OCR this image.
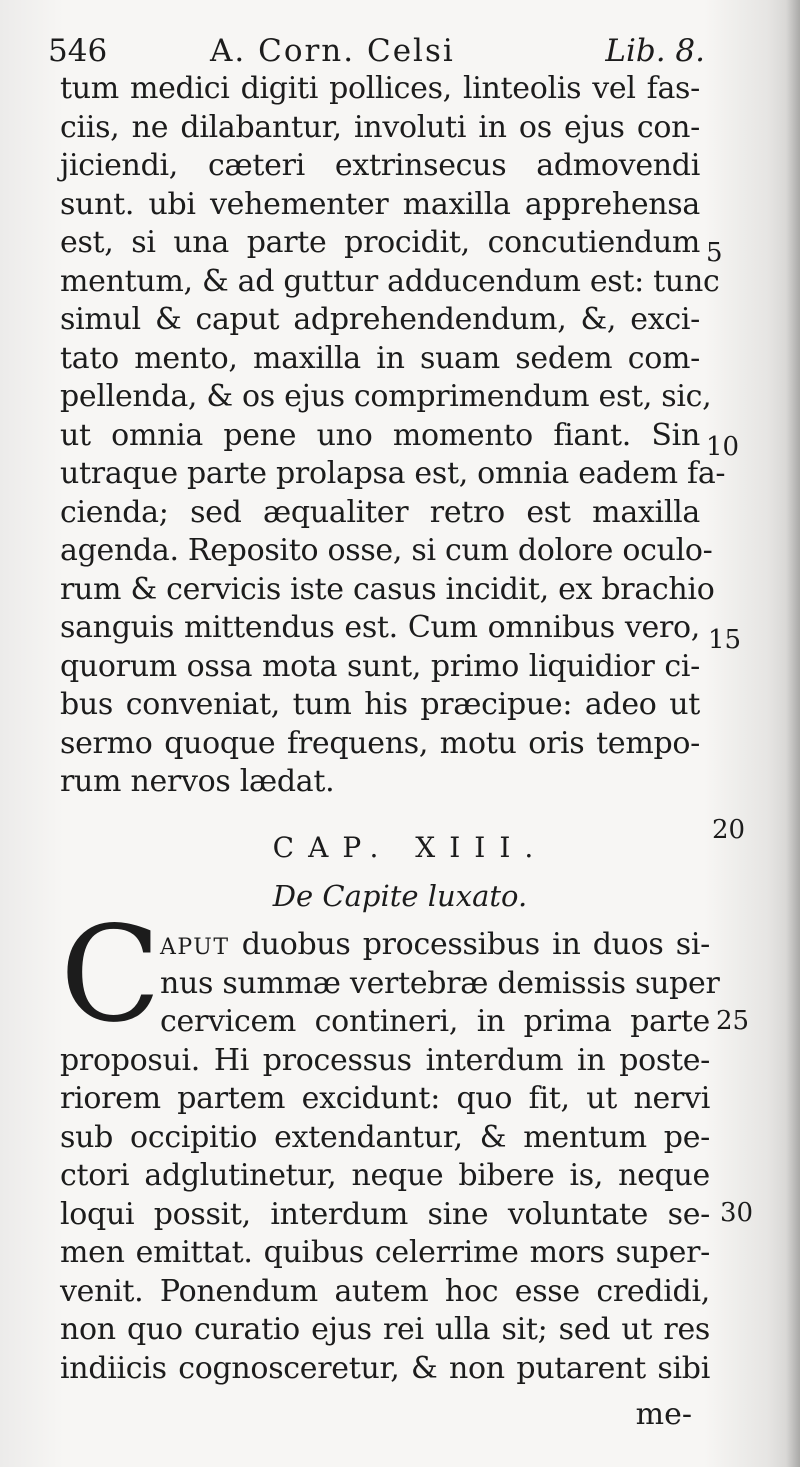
546	A. Corn. Celsi	Lib. 8.
tum medici digiti pollices, linteolis vel fas-
ciis, ne dilabantur, involuti in os ejus con-
jiciendi, cæteri extrinsecus admovendi
sunt. ubi vehementer maxilla apprehensa
est, si una parte procidit, concutiendum
mentum, & ad guttur adducendum est: tunc
simul & caput adprehendendum, &, exci-
tato mento, maxilla in suam sedem com-
pellenda, & os ejus comprimendum est, sic,
ut omnia pene uno momento fiant. Sin
utraque parte prolapsa est, omnia eadem fa-
cienda; sed æqualiter retro est maxilla
agenda. Reposito osse, si cum dolore oculo-
rum & cervicis iste casus incidit, ex brachio
sanguis mittendus est. Cum omnibus vero,
quorum ossa mota sunt, primo liquidior ci-
bus conveniat, tum his præcipue: adeo ut
sermo quoque frequens, motu oris tempo-
rum nervos lædat.
5
10
15
20
25
30
CAP. XIII.
De Capite luxato.
C APUT duobus processibus in duos si-
nus summæ vertebræ demissis super
cervicem contineri, in prima parte
proposui. Hi processus interdum in poste-
riorem partem excidunt: quo fit, ut nervi
sub occipitio extendantur, & mentum pe-
ctori adglutinetur, neque bibere is, neque
loqui possit, interdum sine voluntate se-
men emittat. quibus celerrime mors super-
venit. Ponendum autem hoc esse credidi,
non quo curatio ejus rei ulla sit; sed ut res
indiicis cognosceretur, & non putarent sibi
me-
